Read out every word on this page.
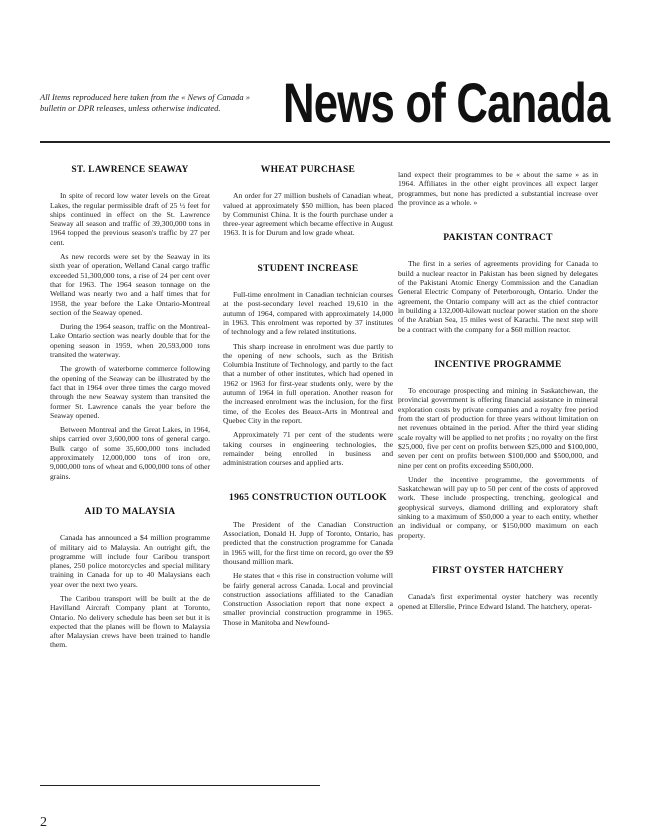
All Items reproduced here taken from the « News of Canada » bulletin or DPR releases, unless otherwise indicated.	News of Canada
ST. LAWRENCE SEAWAY

In spite of record low water levels on the Great Lakes, the regular permissible draft of 25 ½ feet for ships continued in effect on the St. Lawrence Seaway all season and traffic of 39,300,000 tons in 1964 topped the previous season's traffic by 27 per cent.

As new records were set by the Seaway in its sixth year of operation, Welland Canal cargo traffic exceeded 51,300,000 tons, a rise of 24 per cent over that for 1963. The 1964 season tonnage on the Welland was nearly two and a half times that for 1958, the year before the Lake Ontario-Montreal section of the Seaway opened.

During the 1964 season, traffic on the Montreal-Lake Ontario section was nearly double that for the opening season in 1959, when 20,593,000 tons transited the waterway.

The growth of waterborne commerce following the opening of the Seaway can be illustrated by the fact that in 1964 over three times the cargo moved through the new Seaway system than transited the former St. Lawrence canals the year before the Seaway opened.

Between Montreal and the Great Lakes, in 1964, ships carried over 3,600,000 tons of general cargo. Bulk cargo of some 35,600,000 tons included approximately 12,000,000 tons of iron ore, 9,000,000 tons of wheat and 6,000,000 tons of other grains.

AID TO MALAYSIA

Canada has announced a $4 million programme of military aid to Malaysia. An outright gift, the programme will include four Caribou transport planes, 250 police motorcycles and special military training in Canada for up to 40 Malaysians each year over the next two years.

The Caribou transport will be built at the de Havilland Aircraft Company plant at Toronto, Ontario. No delivery schedule has been set but it is expected that the planes will be flown to Malaysia after Malaysian crews have been trained to handle them.

WHEAT PURCHASE

An order for 27 million bushels of Canadian wheat, valued at approximately $50 million, has been placed by Communist China. It is the fourth purchase under a three-year agreement which became effective in August 1963. It is for Durum and low grade wheat.

STUDENT INCREASE

Full-time enrolment in Canadian technician courses at the post-secondary level reached 19,610 in the autumn of 1964, compared with approximately 14,000 in 1963. This enrolment was reported by 37 institutes of technology and a few related institutions.

This sharp increase in enrolment was due partly to the opening of new schools, such as the British Columbia Institute of Technology, and partly to the fact that a number of other institutes, which had opened in 1962 or 1963 for first-year students only, were by the autumn of 1964 in full operation. Another reason for the increased enrolment was the inclusion, for the first time, of the Ecoles des Beaux-Arts in Montreal and Quebec City in the report.

Approximately 71 per cent of the students were taking courses in engineering technologies, the remainder being enrolled in business and administration courses and applied arts.

1965 CONSTRUCTION OUTLOOK

The President of the Canadian Construction Association, Donald H. Jupp of Toronto, Ontario, has predicted that the construction programme for Canada in 1965 will, for the first time on record, go over the $9 thousand million mark.

He states that « this rise in construction volume will be fairly general across Canada. Local and provincial construction associations affiliated to the Canadian Construction Association report that none expect a smaller provincial construction programme in 1965. Those in Manitoba and Newfound-

land expect their programmes to be « about the same » as in 1964. Affiliates in the other eight provinces all expect larger programmes, but none has predicted a substantial increase over the province as a whole. »

PAKISTAN CONTRACT

The first in a series of agreements providing for Canada to build a nuclear reactor in Pakistan has been signed by delegates of the Pakistani Atomic Energy Commission and the Canadian General Electric Company of Peterborough, Ontario. Under the agreement, the Ontario company will act as the chief contractor in building a 132,000-kilowatt nuclear power station on the shore of the Arabian Sea, 15 miles west of Karachi. The next step will be a contract with the company for a $60 million reactor.

INCENTIVE PROGRAMME

To encourage prospecting and mining in Saskatchewan, the provincial government is offering financial assistance in mineral exploration costs by private companies and a royalty free period from the start of production for three years without limitation on net revenues obtained in the period. After the third year sliding scale royalty will be applied to net profits ; no royalty on the first $25,000, five per cent on profits between $25,000 and $100,000, seven per cent on profits between $100,000 and $500,000, and nine per cent on profits exceeding $500,000.

Under the incentive programme, the governments of Saskatchewan will pay up to 50 per cent of the costs of approved work. These include prospecting, trenching, geological and geophysical surveys, diamond drilling and exploratory shaft sinking to a maximum of $50,000 a year to each entity, whether an individual or company, or $150,000 maximum on each property.

FIRST OYSTER HATCHERY

Canada's first experimental oyster hatchery was recently opened at Ellerslie, Prince Edward Island. The hatchery, operat-

2
